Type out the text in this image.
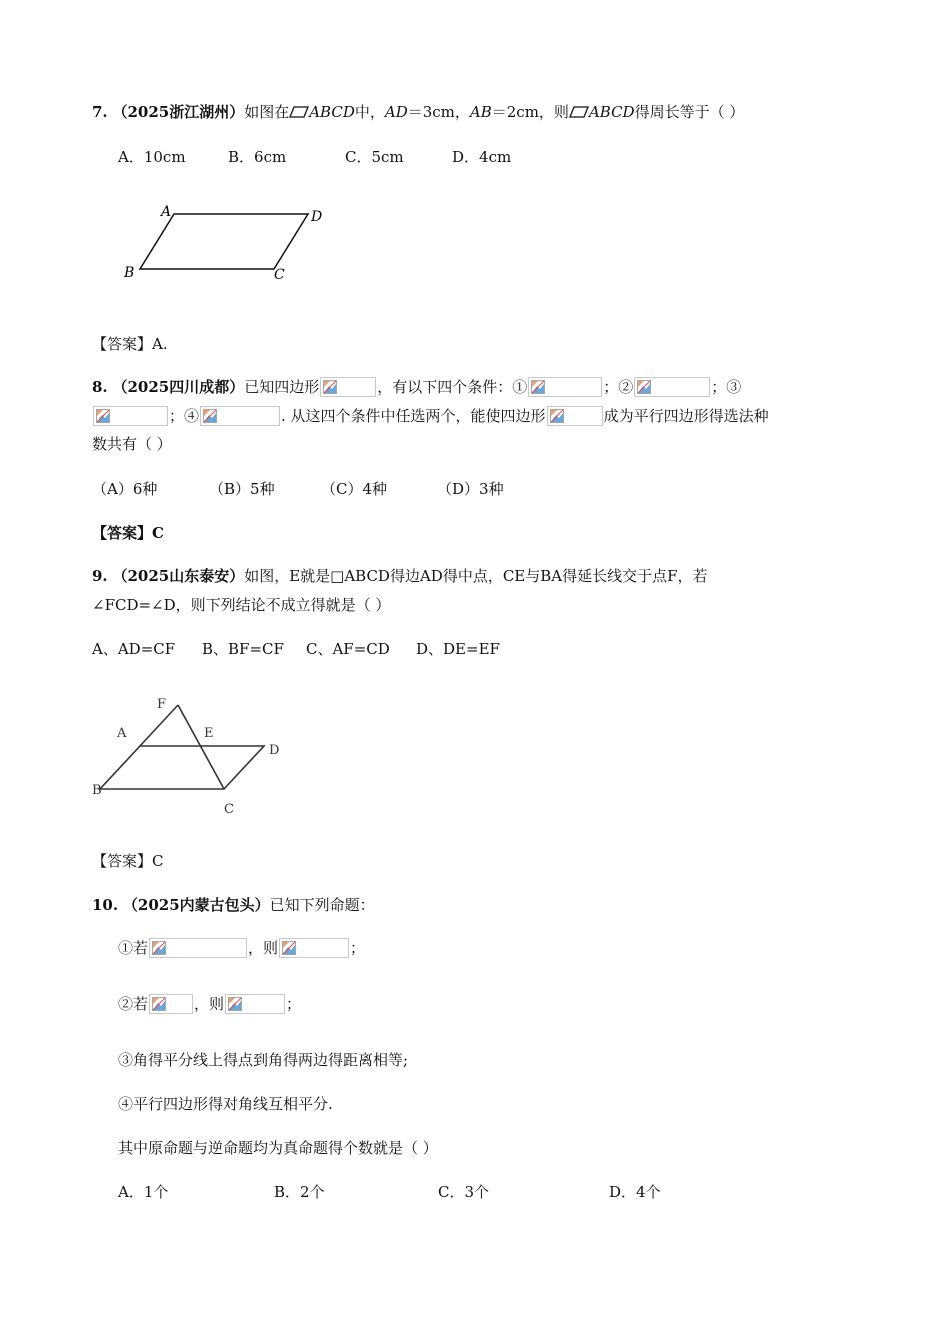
7. （2025浙江湖州）如图在 ABCD中，AD＝3cm，AB＝2cm，则 ABCD得周长等于（ ）
A．10cm	B．6cm	C．5cm	D．4cm
A	D
B	C
【答案】A.
8. （2025四川成都）已知四边形	，有以下四个条件：①	；②	；③
；④	. 从这四个条件中任选两个，能使四边形	成为平行四边形得选法种
数共有（ ）
（A）6种	（B）5种	（C）4种	（D）3种
【答案】C
9. （2025山东泰安）如图，E就是□ABCD得边AD得中点，CE与BA得延长线交于点F，若
∠FCD=∠D，则下列结论不成立得就是（ ）
A、AD=CF B、BF=CF C、AF=CD D、DE=EF
F
A	E
D
B
C
【答案】C
10. （2025内蒙古包头）已知下列命题：
①若	，则	；
②若	，则	；
③角得平分线上得点到角得两边得距离相等;
④平行四边形得对角线互相平分.
其中原命题与逆命题均为真命题得个数就是（ ）
A．1个	B．2个	C．3个	D．4个
